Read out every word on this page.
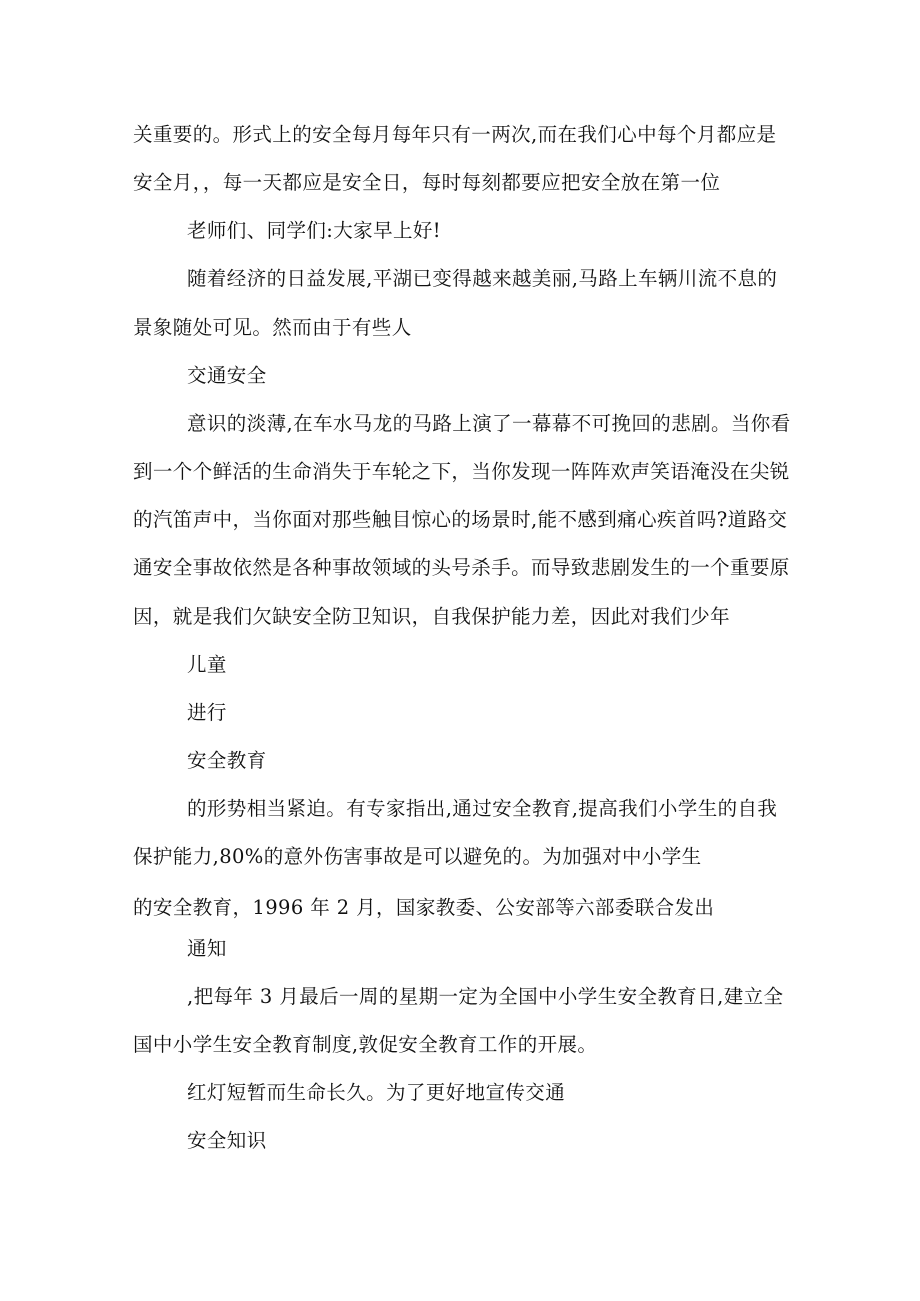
关重要的。形式上的安全每月每年只有一两次,而在我们心中每个月都应是
安全月，，每一天都应是安全日，每时每刻都要应把安全放在第一位
老师们、同学们:大家早上好!
随着经济的日益发展,平湖已变得越来越美丽,马路上车辆川流不息的
景象随处可见。然而由于有些人
交通安全
意识的淡薄,在车水马龙的马路上演了一幕幕不可挽回的悲剧。当你看
到一个个鲜活的生命消失于车轮之下，当你发现一阵阵欢声笑语淹没在尖锐
的汽笛声中，当你面对那些触目惊心的场景时,能不感到痛心疾首吗?道路交
通安全事故依然是各种事故领域的头号杀手。而导致悲剧发生的一个重要原
因，就是我们欠缺安全防卫知识，自我保护能力差，因此对我们少年
儿童
进行
安全教育
的形势相当紧迫。有专家指出,通过安全教育,提高我们小学生的自我
保护能力,80%的意外伤害事故是可以避免的。为加强对中小学生
的安全教育，1996 年 2 月，国家教委、公安部等六部委联合发出
通知
,把每年 3 月最后一周的星期一定为全国中小学生安全教育日,建立全
国中小学生安全教育制度,敦促安全教育工作的开展。
红灯短暂而生命长久。为了更好地宣传交通
安全知识
